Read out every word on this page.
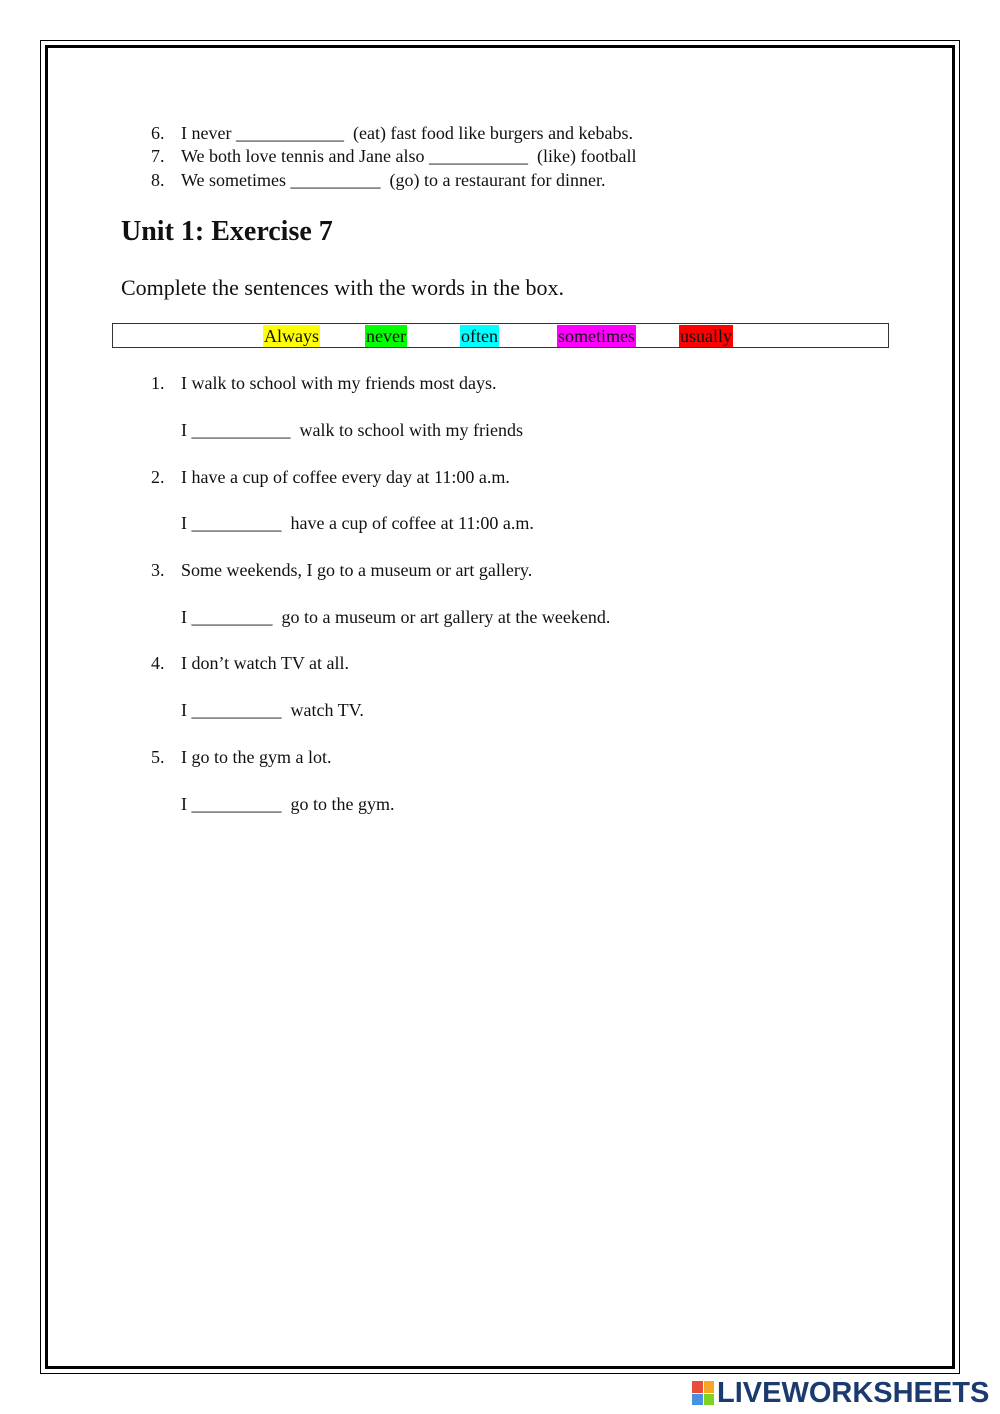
6. I never ____________  (eat) fast food like burgers and kebabs.
7. We both love tennis and Jane also ___________  (like) football
8. We sometimes __________  (go) to a restaurant for dinner.
Unit 1: Exercise 7
Complete the sentences with the words in the box.
Always	never	often	sometimes	usually
1. I walk to school with my friends most days.
I ___________  walk to school with my friends
2. I have a cup of coffee every day at 11:00 a.m.
I __________  have a cup of coffee at 11:00 a.m.
3. Some weekends, I go to a museum or art gallery.
I _________  go to a museum or art gallery at the weekend.
4. I don’t watch TV at all.
I __________  watch TV.
5. I go to the gym a lot.
I __________  go to the gym.
LIVEWORKSHEETS
